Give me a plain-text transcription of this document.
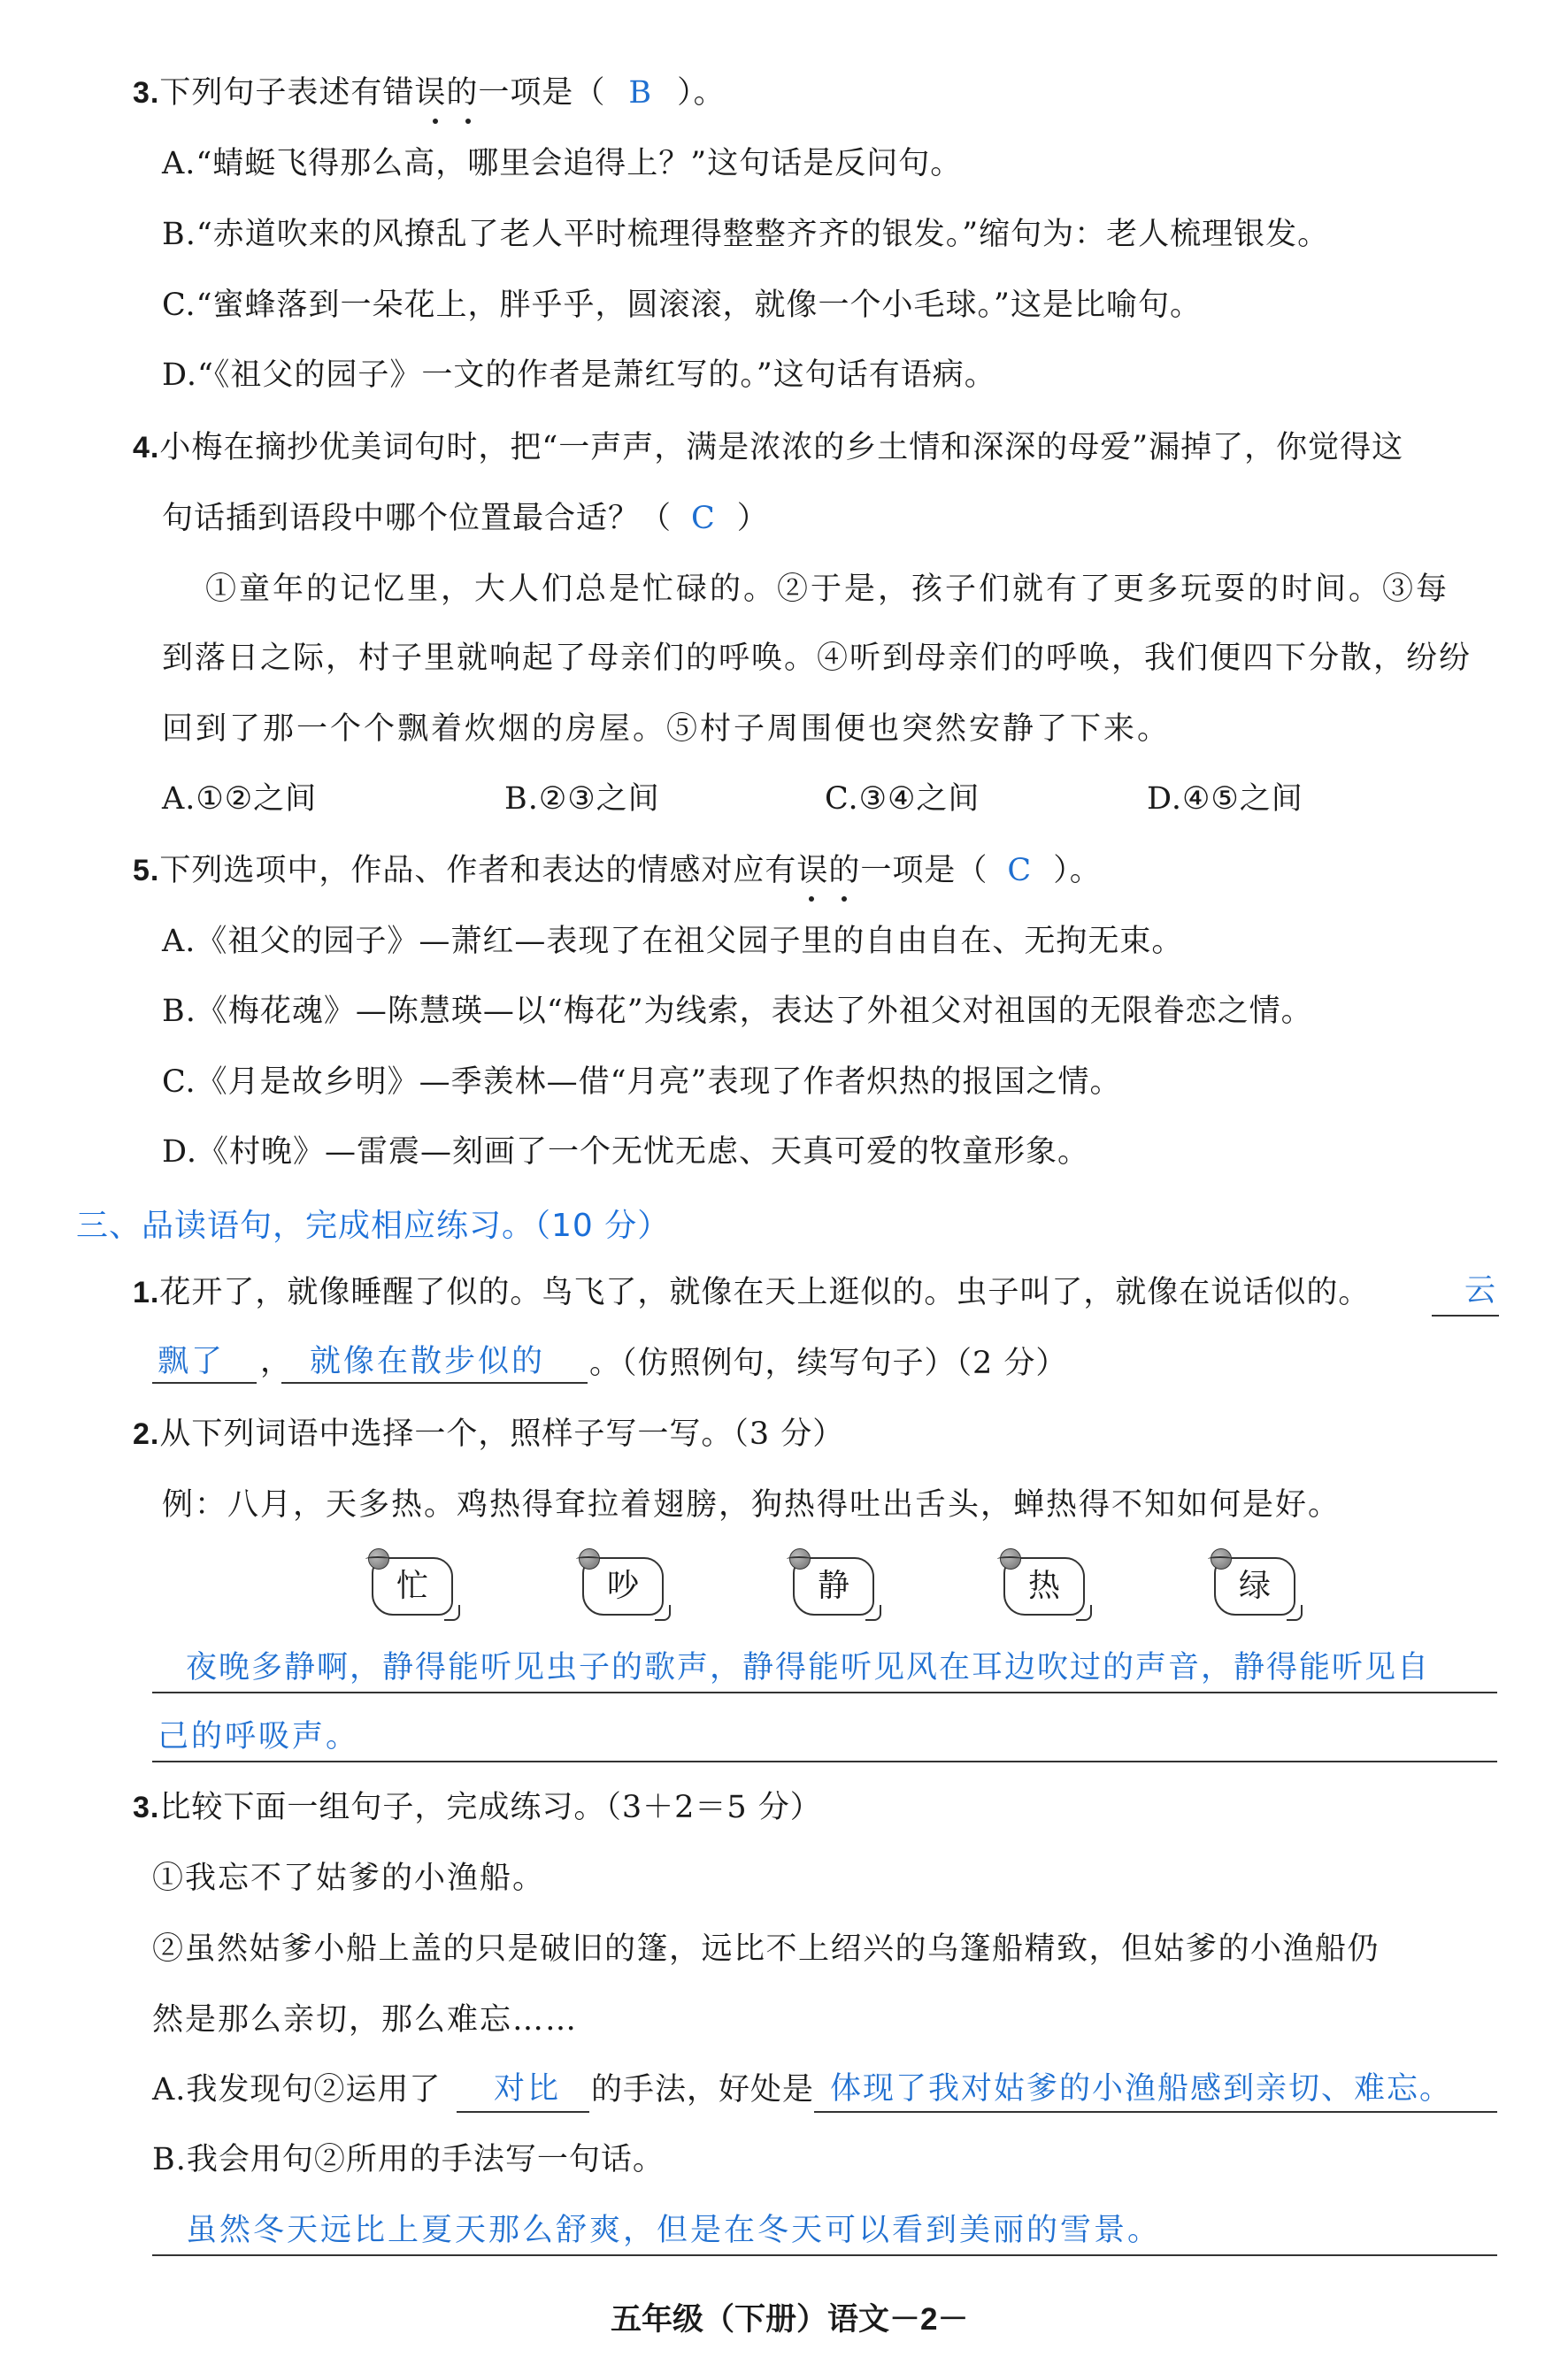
3.下列句子表述有错误的一项是（ B ）。
A.“蜻蜓飞得那么高，哪里会追得上？”这句话是反问句。
B.“赤道吹来的风撩乱了老人平时梳理得整整齐齐的银发。”缩句为：老人梳理银发。
C.“蜜蜂落到一朵花上，胖乎乎，圆滚滚，就像一个小毛球。”这是比喻句。
D.“《祖父的园子》一文的作者是萧红写的。”这句话有语病。
4.小梅在摘抄优美词句时，把“一声声，满是浓浓的乡土情和深深的母爱”漏掉了，你觉得这
句话插到语段中哪个位置最合适？（ C ）
①童年的记忆里，大人们总是忙碌的。②于是，孩子们就有了更多玩耍的时间。③每
到落日之际，村子里就响起了母亲们的呼唤。④听到母亲们的呼唤，我们便四下分散，纷纷
回到了那一个个飘着炊烟的房屋。⑤村子周围便也突然安静了下来。
A.①②之间	B.②③之间	C.③④之间	D.④⑤之间
5.下列选项中，作品、作者和表达的情感对应有误的一项是（ C ）。
A.《祖父的园子》—萧红—表现了在祖父园子里的自由自在、无拘无束。
B.《梅花魂》—陈慧瑛—以“梅花”为线索，表达了外祖父对祖国的无限眷恋之情。
C.《月是故乡明》—季羡林—借“月亮”表现了作者炽热的报国之情。
D.《村晚》—雷震—刻画了一个无忧无虑、天真可爱的牧童形象。
三、品读语句，完成相应练习。（10 分）
1.花开了，就像睡醒了似的。鸟飞了，就像在天上逛似的。虫子叫了，就像在说话似的。	云
飘了 ， 就像在散步似的 。（仿照例句，续写句子）（2 分）
2.从下列词语中选择一个，照样子写一写。（3 分）
例：八月，天多热。鸡热得耷拉着翅膀，狗热得吐出舌头，蝉热得不知如何是好。
忙	吵	静	热	绿
夜晚多静啊，静得能听见虫子的歌声，静得能听见风在耳边吹过的声音，静得能听见自
己的呼吸声。
3.比较下面一组句子，完成练习。（3＋2＝5 分）
①我忘不了姑爹的小渔船。
②虽然姑爹小船上盖的只是破旧的篷，远比不上绍兴的乌篷船精致，但姑爹的小渔船仍
然是那么亲切，那么难忘……
A.我发现句②运用了 对比 的手法，好处是 体现了我对姑爹的小渔船感到亲切、难忘。
B.我会用句②所用的手法写一句话。
虽然冬天远比上夏天那么舒爽，但是在冬天可以看到美丽的雪景。
五年级（下册）语文－2－
